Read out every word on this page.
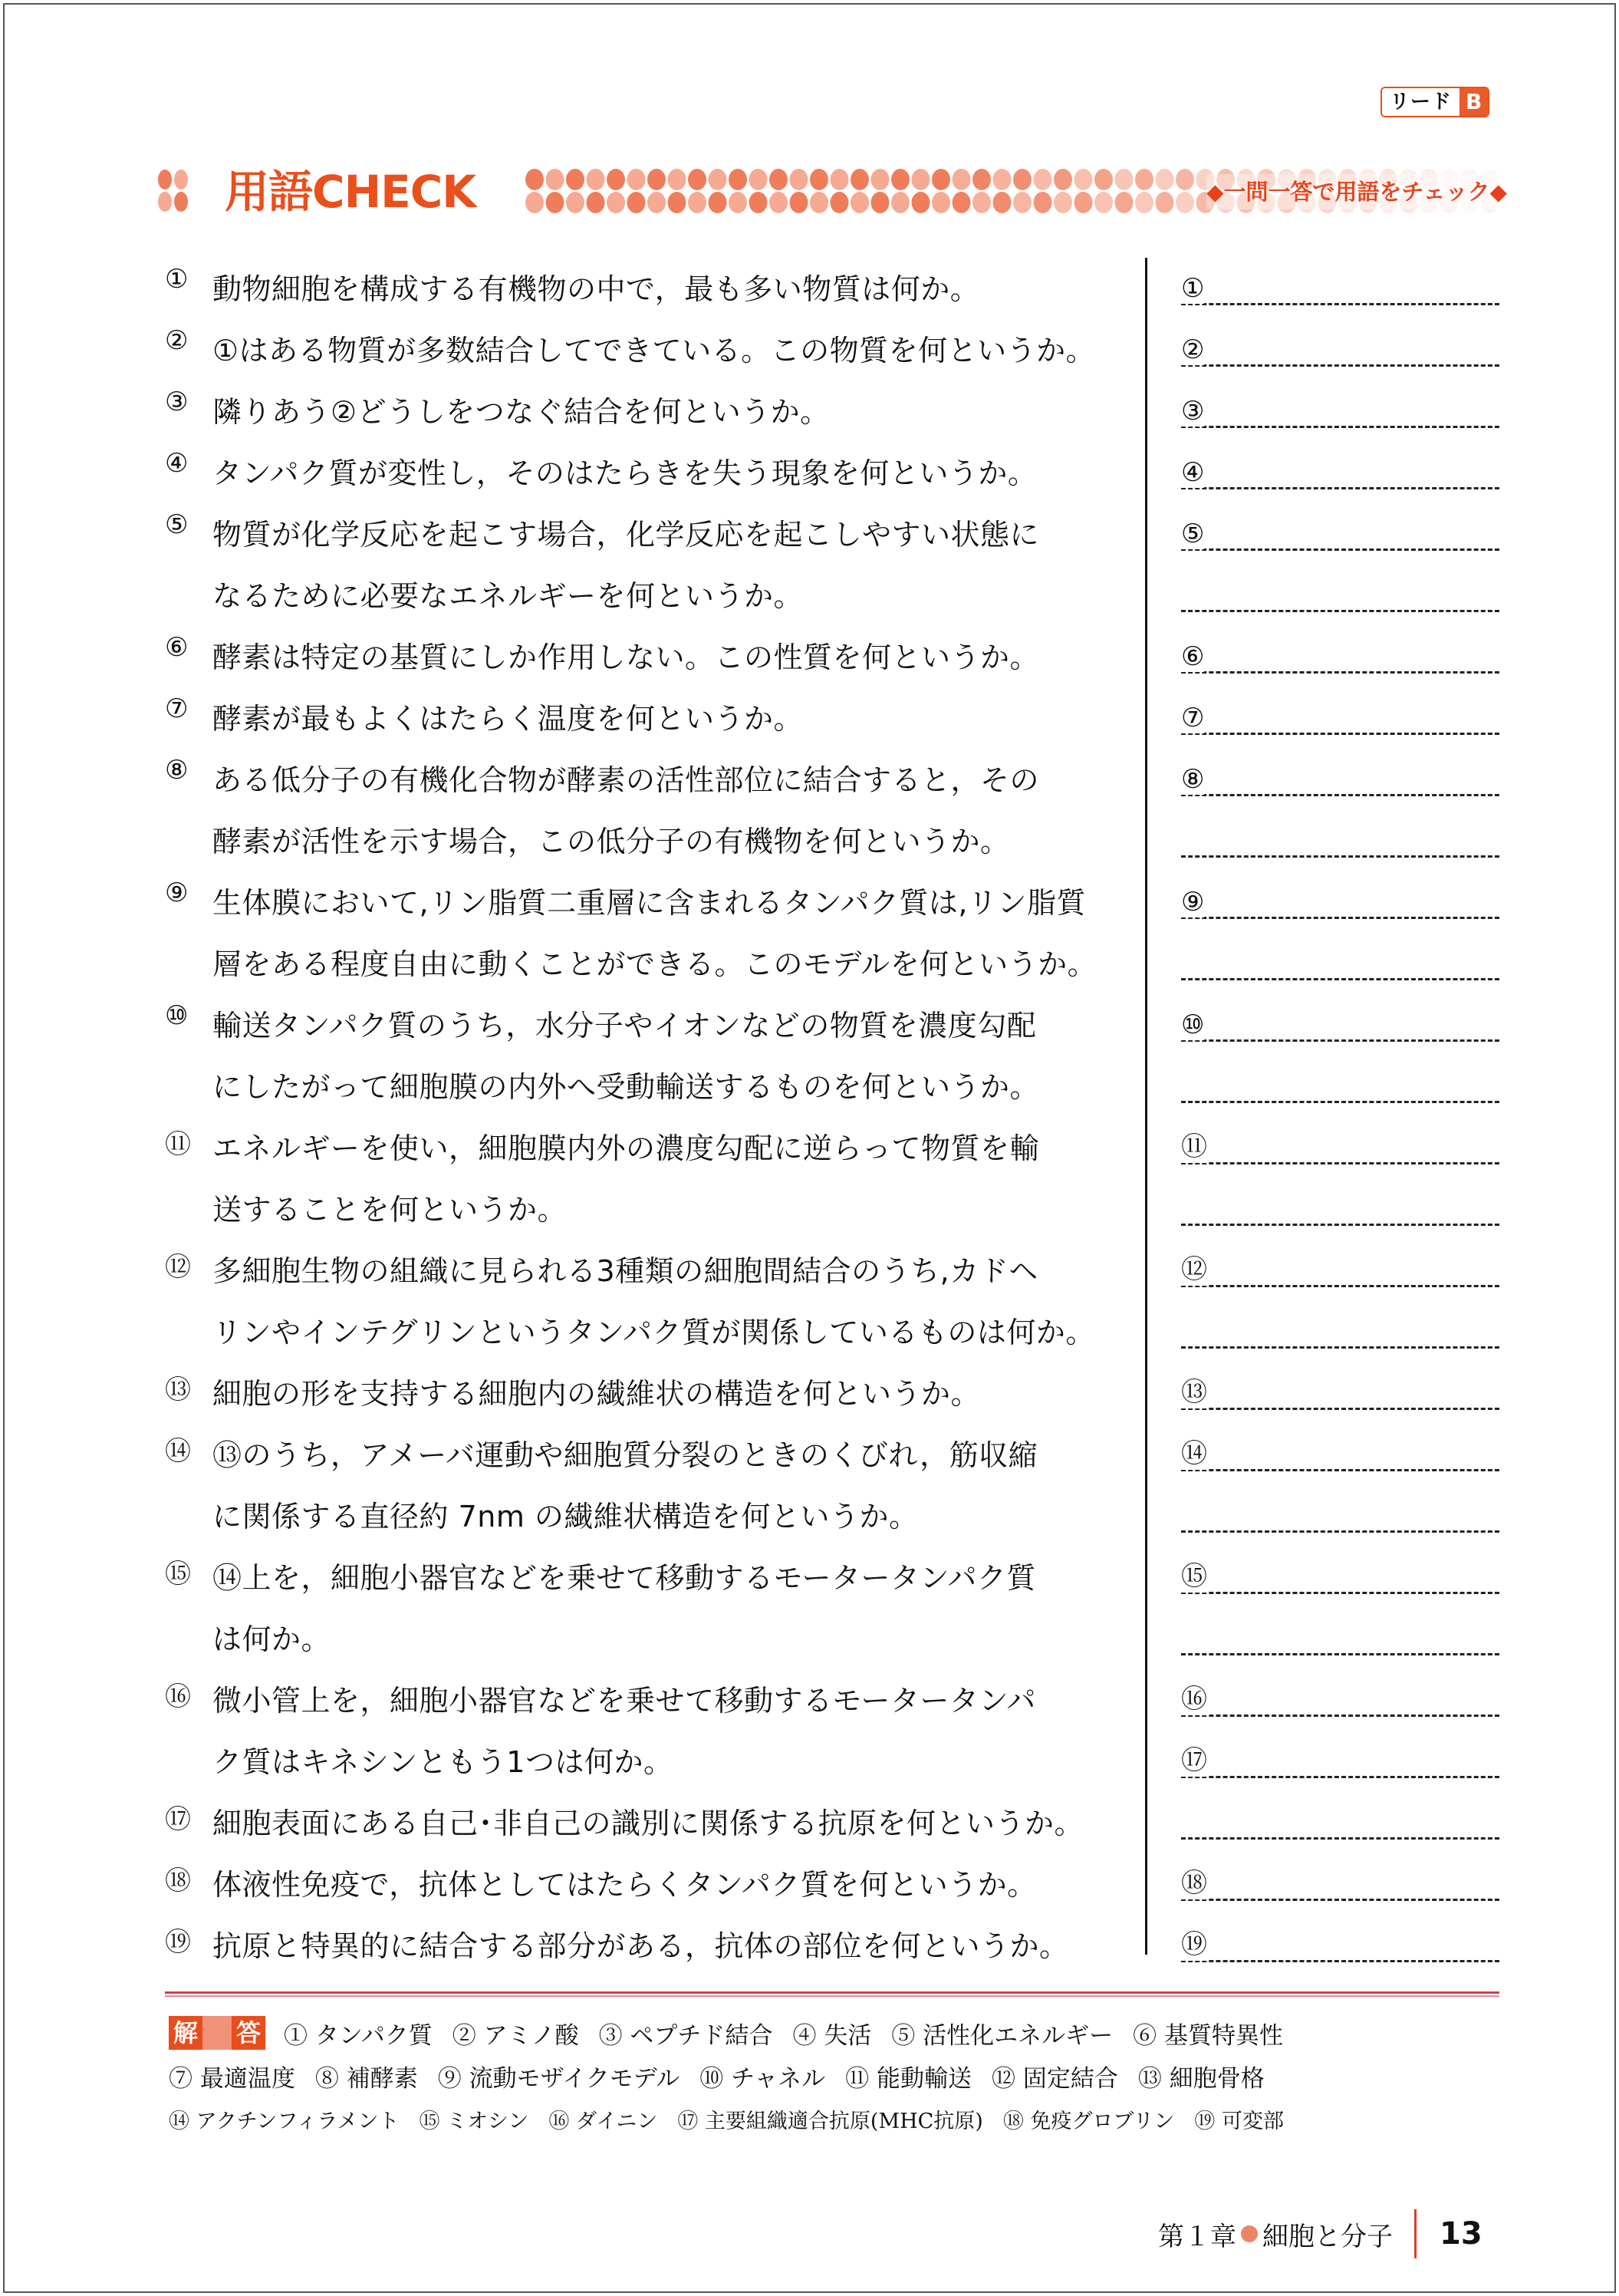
リード B
用語CHECK	◆一問一答で用語をチェック◆
① 動物細胞を構成する有機物の中で，最も多い物質は何か。
② ①はある物質が多数結合してできている。この物質を何というか。
③ 隣りあう②どうしをつなぐ結合を何というか。
④ タンパク質が変性し，そのはたらきを失う現象を何というか。
⑤ 物質が化学反応を起こす場合，化学反応を起こしやすい状態に
なるために必要なエネルギーを何というか。
⑥ 酵素は特定の基質にしか作用しない。この性質を何というか。
⑦ 酵素が最もよくはたらく温度を何というか。
⑧ ある低分子の有機化合物が酵素の活性部位に結合すると，その
酵素が活性を示す場合，この低分子の有機物を何というか。
⑨ 生体膜において,リン脂質二重層に含まれるタンパク質は,リン脂質
層をある程度自由に動くことができる。このモデルを何というか。
⑩ 輸送タンパク質のうち，水分子やイオンなどの物質を濃度勾配
にしたがって細胞膜の内外へ受動輸送するものを何というか。
⑪ エネルギーを使い，細胞膜内外の濃度勾配に逆らって物質を輸
送することを何というか。
⑫ 多細胞生物の組織に見られる3種類の細胞間結合のうち,カドヘ
リンやインテグリンというタンパク質が関係しているものは何か。
⑬ 細胞の形を支持する細胞内の繊維状の構造を何というか。
⑭ ⑬のうち，アメーバ運動や細胞質分裂のときのくびれ，筋収縮
に関係する直径約 7nm の繊維状構造を何というか。
⑮ ⑭上を，細胞小器官などを乗せて移動するモータータンパク質
は何か。
⑯ 微小管上を，細胞小器官などを乗せて移動するモータータンパ
ク質はキネシンともう1つは何か。
⑰ 細胞表面にある自己･非自己の識別に関係する抗原を何というか。
⑱ 体液性免疫で，抗体としてはたらくタンパク質を何というか。
⑲ 抗原と特異的に結合する部分がある，抗体の部位を何というか。
①
②
③
④
⑤
⑥
⑦
⑧
⑨
⑩
⑪
⑫
⑬
⑭
⑮
⑯
⑰
⑱
⑲
解 答 ① タンパク質 ② アミノ酸 ③ ペプチド結合 ④ 失活 ⑤ 活性化エネルギー ⑥ 基質特異性
⑦ 最適温度 ⑧ 補酵素 ⑨ 流動モザイクモデル ⑩ チャネル ⑪ 能動輸送 ⑫ 固定結合 ⑬ 細胞骨格
⑭ アクチンフィラメント ⑮ ミオシン ⑯ ダイニン ⑰ 主要組織適合抗原(MHC抗原) ⑱ 免疫グロブリン ⑲ 可変部
第１章 細胞と分子 13
